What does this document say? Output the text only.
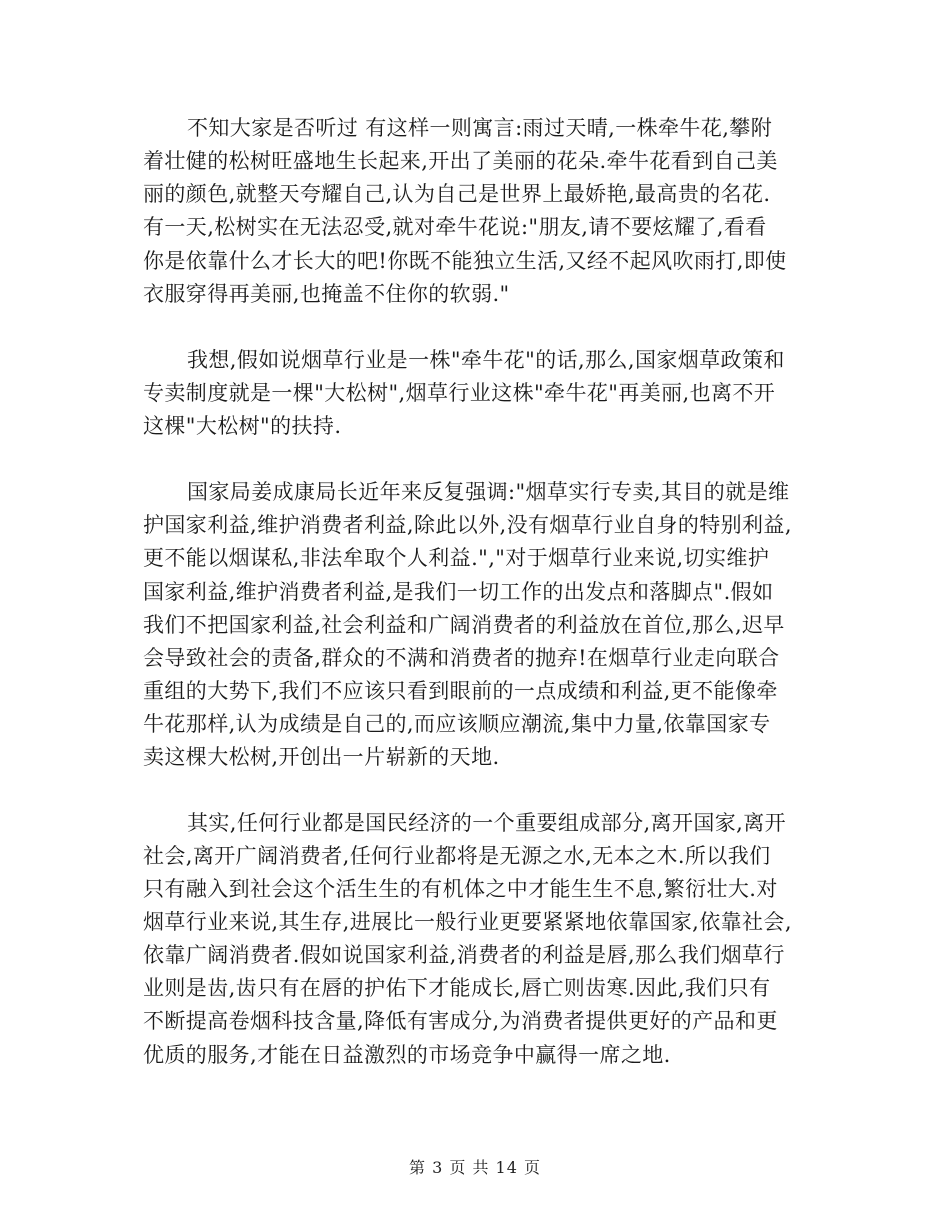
不知大家是否听过 有这样一则寓言:雨过天晴,一株牵牛花,攀附
着壮健的松树旺盛地生长起来,开出了美丽的花朵.牵牛花看到自己美
丽的颜色,就整天夸耀自己,认为自己是世界上最娇艳,最高贵的名花.
有一天,松树实在无法忍受,就对牵牛花说:"朋友,请不要炫耀了,看看
你是依靠什么才长大的吧!你既不能独立生活,又经不起风吹雨打,即使
衣服穿得再美丽,也掩盖不住你的软弱."
我想,假如说烟草行业是一株"牵牛花"的话,那么,国家烟草政策和
专卖制度就是一棵"大松树",烟草行业这株"牵牛花"再美丽,也离不开
这棵"大松树"的扶持.
国家局姜成康局长近年来反复强调:"烟草实行专卖,其目的就是维
护国家利益,维护消费者利益,除此以外,没有烟草行业自身的特别利益,
更不能以烟谋私,非法牟取个人利益.","对于烟草行业来说,切实维护
国家利益,维护消费者利益,是我们一切工作的出发点和落脚点".假如
我们不把国家利益,社会利益和广阔消费者的利益放在首位,那么,迟早
会导致社会的责备,群众的不满和消费者的抛弃!在烟草行业走向联合
重组的大势下,我们不应该只看到眼前的一点成绩和利益,更不能像牵
牛花那样,认为成绩是自己的,而应该顺应潮流,集中力量,依靠国家专
卖这棵大松树,开创出一片崭新的天地.
其实,任何行业都是国民经济的一个重要组成部分,离开国家,离开
社会,离开广阔消费者,任何行业都将是无源之水,无本之木.所以我们
只有融入到社会这个活生生的有机体之中才能生生不息,繁衍壮大.对
烟草行业来说,其生存,进展比一般行业更要紧紧地依靠国家,依靠社会,
依靠广阔消费者.假如说国家利益,消费者的利益是唇,那么我们烟草行
业则是齿,齿只有在唇的护佑下才能成长,唇亡则齿寒.因此,我们只有
不断提高卷烟科技含量,降低有害成分,为消费者提供更好的产品和更
优质的服务,才能在日益激烈的市场竞争中赢得一席之地.
第 3 页 共 14 页
